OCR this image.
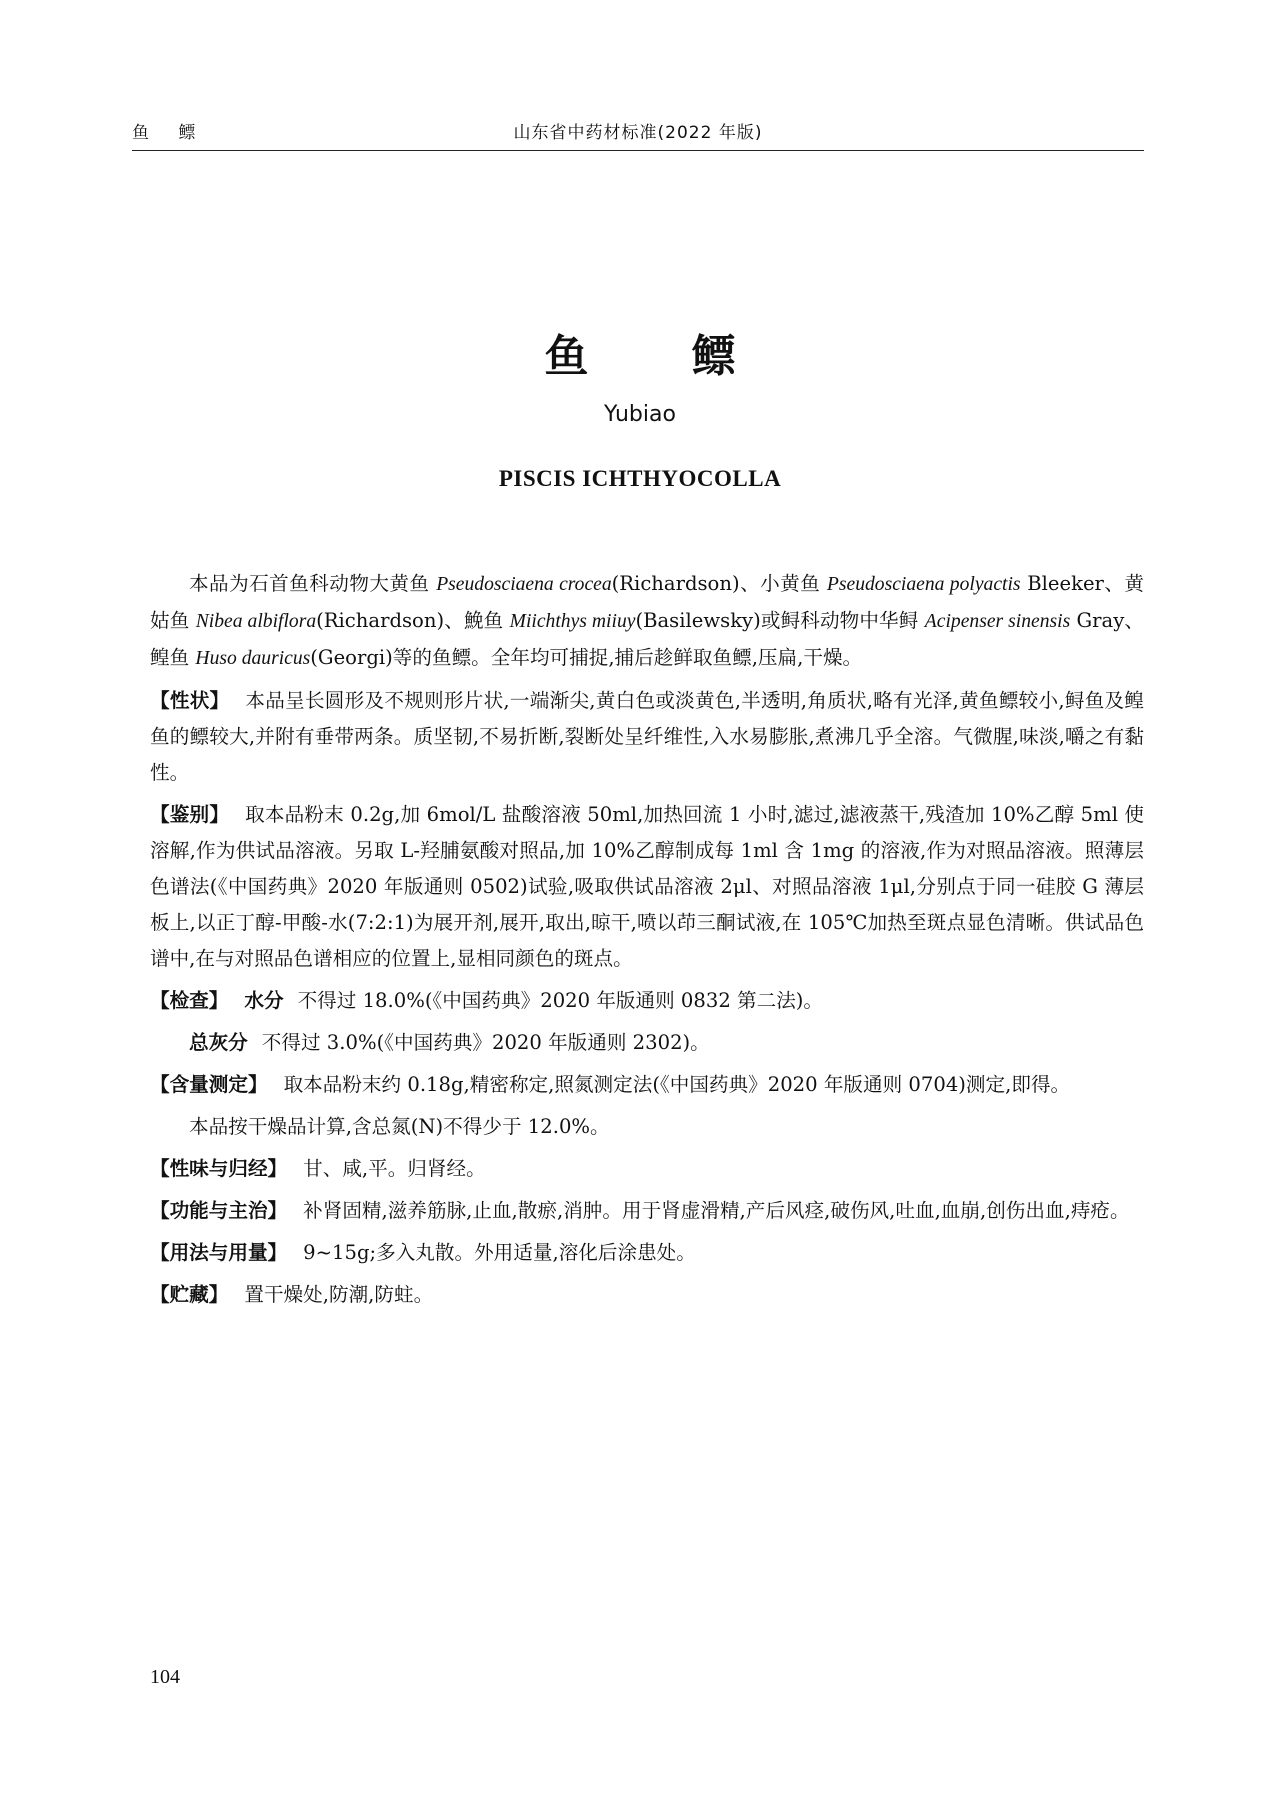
鱼 鳔	山东省中药材标准(2022 年版)
鱼 鳔
Yubiao
PISCIS ICHTHYOCOLLA

本品为石首鱼科动物大黄鱼 Pseudosciaena crocea(Richardson)、小黄鱼 Pseudosciaena polyactis Bleeker、黄姑鱼 Nibea albiflora(Richardson)、鮸鱼 Miichthys miiuy(Basilewsky)或鲟科动物中华鲟 Acipenser sinensis Gray、鳇鱼 Huso dauricus(Georgi)等的鱼鳔。全年均可捕捉,捕后趁鲜取鱼鳔,压扁,干燥。

【性状】 本品呈长圆形及不规则形片状,一端渐尖,黄白色或淡黄色,半透明,角质状,略有光泽,黄鱼鳔较小,鲟鱼及鳇鱼的鳔较大,并附有垂带两条。质坚韧,不易折断,裂断处呈纤维性,入水易膨胀,煮沸几乎全溶。气微腥,味淡,嚼之有黏性。

【鉴别】 取本品粉末 0.2g,加 6mol/L 盐酸溶液 50ml,加热回流 1 小时,滤过,滤液蒸干,残渣加 10%乙醇 5ml 使溶解,作为供试品溶液。另取 L-羟脯氨酸对照品,加 10%乙醇制成每 1ml 含 1mg 的溶液,作为对照品溶液。照薄层色谱法(《中国药典》2020 年版通则 0502)试验,吸取供试品溶液 2μl、对照品溶液 1μl,分别点于同一硅胶 G 薄层板上,以正丁醇-甲酸-水(7:2:1)为展开剂,展开,取出,晾干,喷以茚三酮试液,在 105℃加热至斑点显色清晰。供试品色谱中,在与对照品色谱相应的位置上,显相同颜色的斑点。

【检查】 水分 不得过 18.0%(《中国药典》2020 年版通则 0832 第二法)。

总灰分 不得过 3.0%(《中国药典》2020 年版通则 2302)。

【含量测定】 取本品粉末约 0.18g,精密称定,照氮测定法(《中国药典》2020 年版通则 0704)测定,即得。

本品按干燥品计算,含总氮(N)不得少于 12.0%。

【性味与归经】 甘、咸,平。归肾经。

【功能与主治】 补肾固精,滋养筋脉,止血,散瘀,消肿。用于肾虚滑精,产后风痉,破伤风,吐血,血崩,创伤出血,痔疮。

【用法与用量】 9~15g;多入丸散。外用适量,溶化后涂患处。

【贮藏】 置干燥处,防潮,防蛀。

104
